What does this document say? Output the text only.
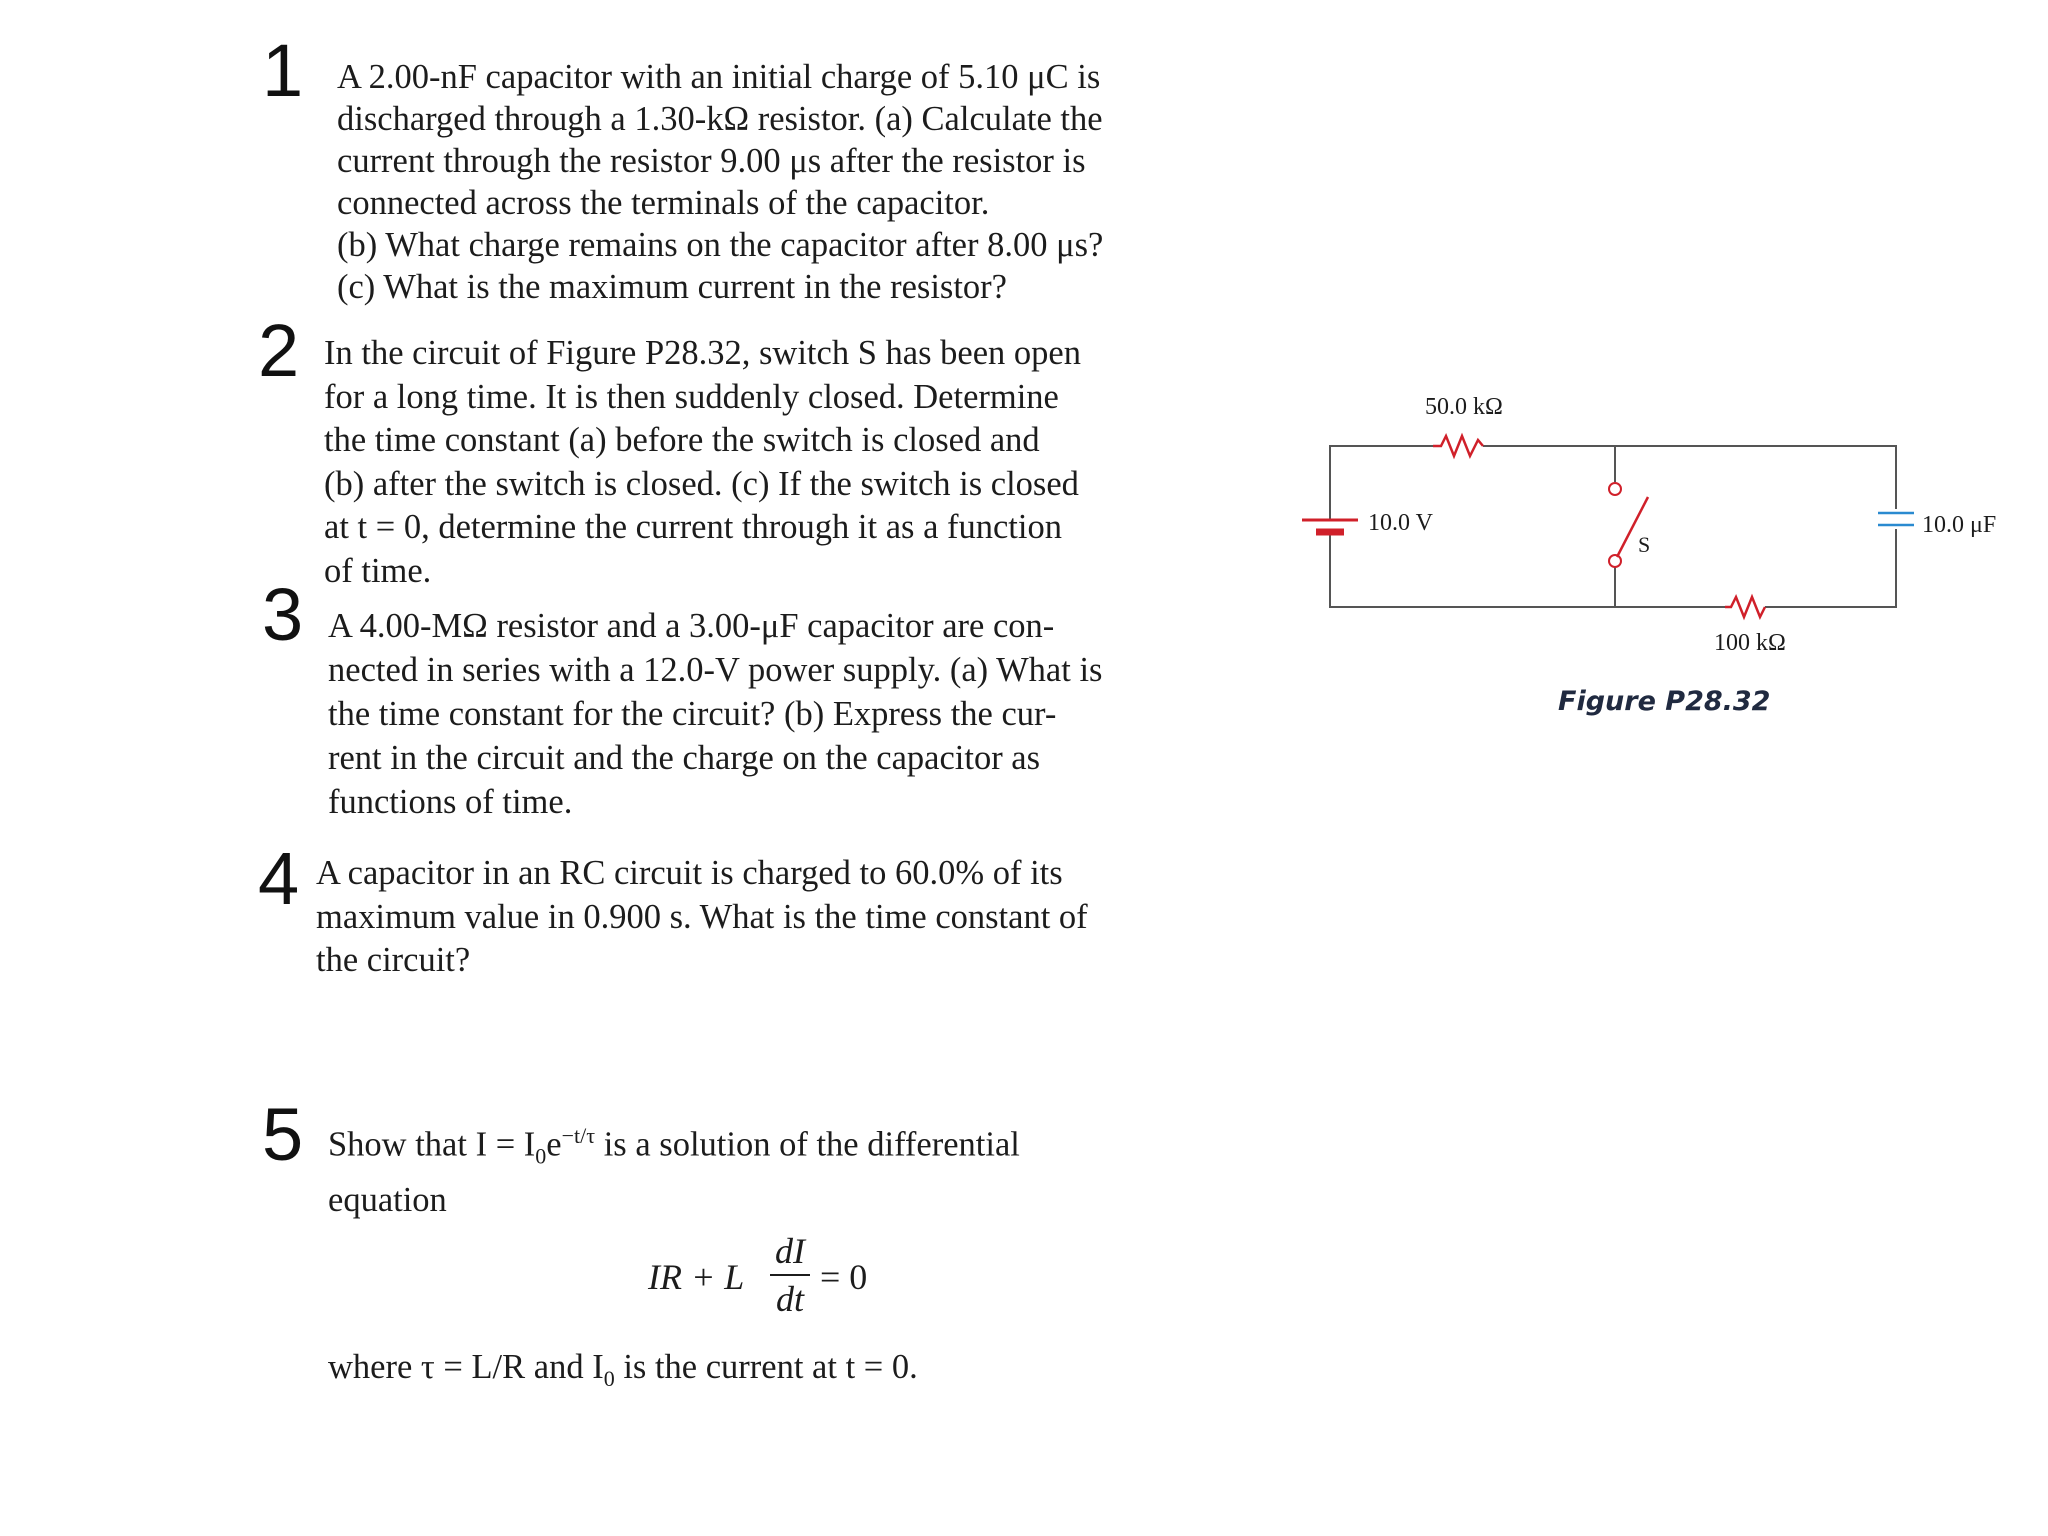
1 A 2.00-nF capacitor with an initial charge of 5.10 μC is
discharged through a 1.30-kΩ resistor. (a) Calculate the
current through the resistor 9.00 μs after the resistor is
connected across the terminals of the capacitor.
(b) What charge remains on the capacitor after 8.00 μs?
(c) What is the maximum current in the resistor?
2 In the circuit of Figure P28.32, switch S has been open
for a long time. It is then suddenly closed. Determine
the time constant (a) before the switch is closed and
(b) after the switch is closed. (c) If the switch is closed
at t = 0, determine the current through it as a function
of time.
3 A 4.00-MΩ resistor and a 3.00-μF capacitor are con-
nected in series with a 12.0-V power supply. (a) What is
the time constant for the circuit? (b) Express the cur-
rent in the circuit and the charge on the capacitor as
functions of time.
4 A capacitor in an RC circuit is charged to 60.0% of its
maximum value in 0.900 s. What is the time constant of
the circuit?
5 Show that $I = I_0e^{-t/\tau}$ is a solution of the differential
equation
IR + L
dI
dt
= 0
where τ = L/R and $I_0$ is the current at t = 0.
50.0 kΩ
10.0 V	10.0 μF
S
100 kΩ
Figure P28.32
